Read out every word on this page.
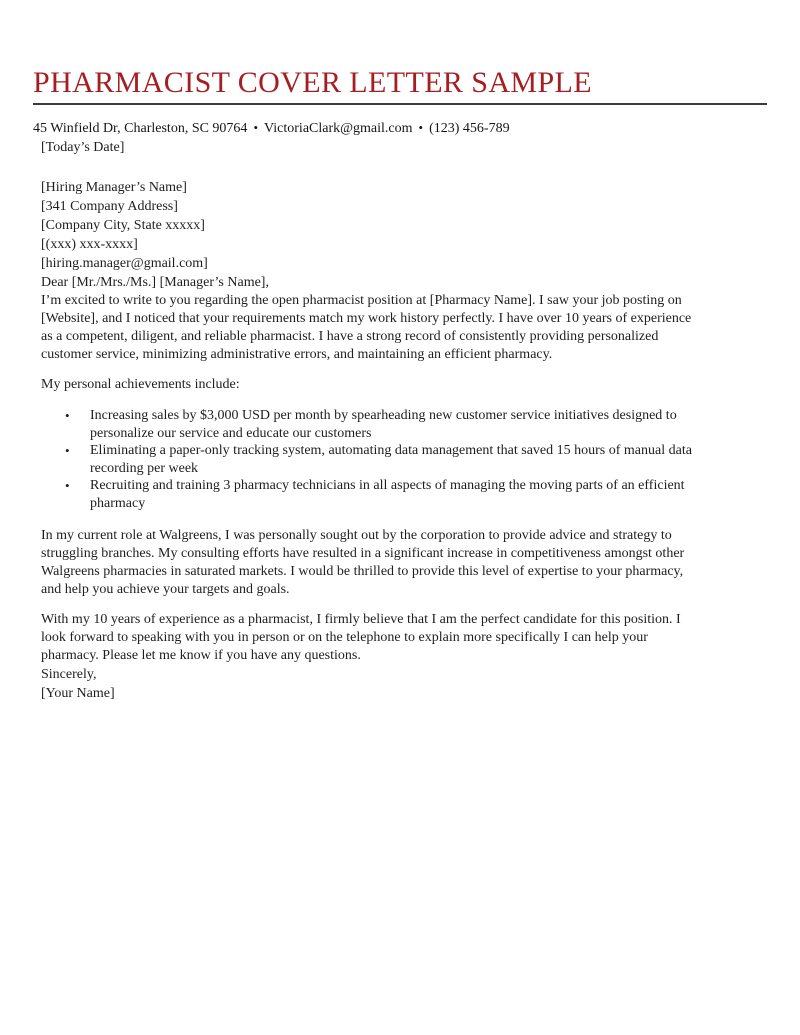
PHARMACIST COVER LETTER SAMPLE

45 Winfield Dr, Charleston, SC 90764 • VictoriaClark@gmail.com • (123) 456-789

[Today’s Date]

[Hiring Manager’s Name]
[341 Company Address]
[Company City, State xxxxx]
[(xxx) xxx-xxxx]
[hiring.manager@gmail.com]

Dear [Mr./Mrs./Ms.] [Manager’s Name],

I’m excited to write to you regarding the open pharmacist position at [Pharmacy Name]. I saw your job posting on [Website], and I noticed that your requirements match my work history perfectly. I have over 10 years of experience as a competent, diligent, and reliable pharmacist. I have a strong record of consistently providing personalized customer service, minimizing administrative errors, and maintaining an efficient pharmacy.

My personal achievements include:

• Increasing sales by $3,000 USD per month by spearheading new customer service initiatives designed to personalize our service and educate our customers
• Eliminating a paper-only tracking system, automating data management that saved 15 hours of manual data recording per week
• Recruiting and training 3 pharmacy technicians in all aspects of managing the moving parts of an efficient pharmacy

In my current role at Walgreens, I was personally sought out by the corporation to provide advice and strategy to struggling branches. My consulting efforts have resulted in a significant increase in competitiveness amongst other Walgreens pharmacies in saturated markets. I would be thrilled to provide this level of expertise to your pharmacy, and help you achieve your targets and goals.

With my 10 years of experience as a pharmacist, I firmly believe that I am the perfect candidate for this position. I look forward to speaking with you in person or on the telephone to explain more specifically I can help your pharmacy. Please let me know if you have any questions.

Sincerely,

[Your Name]
